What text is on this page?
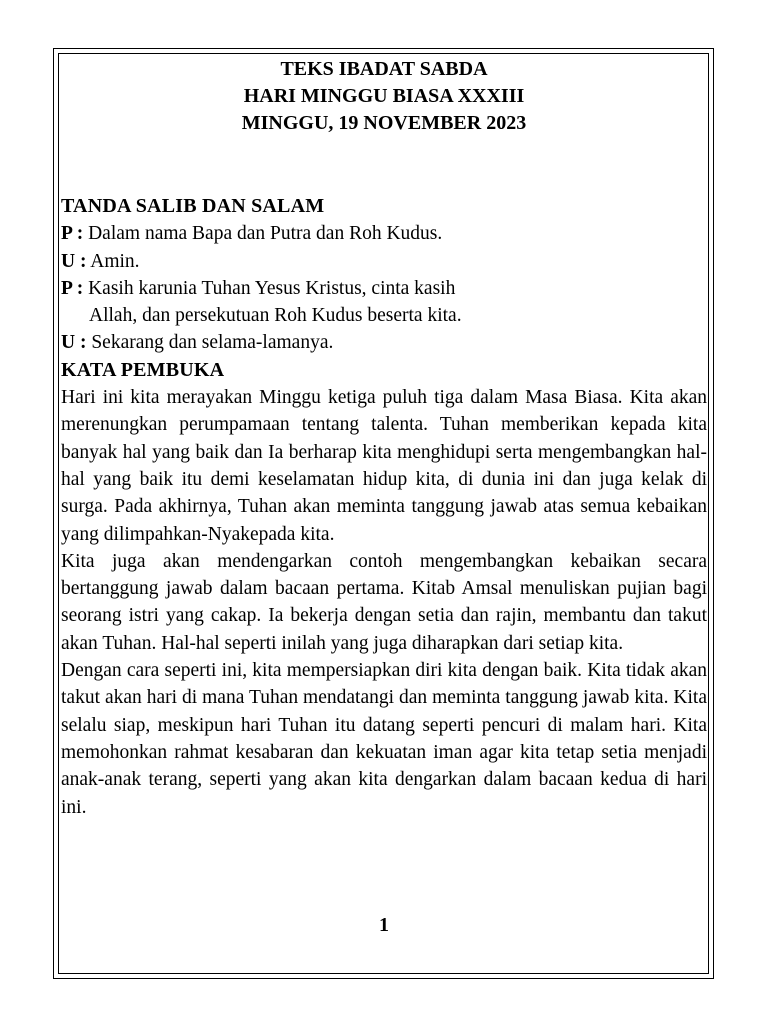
TEKS IBADAT SABDA

HARI MINGGU BIASA XXXIII

MINGGU, 19 NOVEMBER 2023

TANDA SALIB DAN SALAM

P : Dalam nama Bapa dan Putra dan Roh Kudus.

U : Amin.

P : Kasih karunia Tuhan Yesus Kristus, cinta kasih

Allah, dan persekutuan Roh Kudus beserta kita.

U : Sekarang dan selama-lamanya.

KATA PEMBUKA

Hari ini kita merayakan Minggu ketiga puluh tiga dalam Masa Biasa. Kita akan merenungkan perumpamaan tentang talenta. Tuhan memberikan kepada kita banyak hal yang baik dan Ia berharap kita menghidupi serta mengembangkan hal-hal yang baik itu demi keselamatan hidup kita, di dunia ini dan juga kelak di surga. Pada akhirnya, Tuhan akan meminta tanggung jawab atas semua kebaikan yang dilimpahkan-Nyakepada kita.

Kita juga akan mendengarkan contoh mengembangkan kebaikan secara bertanggung jawab dalam bacaan pertama. Kitab Amsal menuliskan pujian bagi seorang istri yang cakap. Ia bekerja dengan setia dan rajin, membantu dan takut akan Tuhan. Hal-hal seperti inilah yang juga diharapkan dari setiap kita.

Dengan cara seperti ini, kita mempersiapkan diri kita dengan baik. Kita tidak akan takut akan hari di mana Tuhan mendatangi dan meminta tanggung jawab kita. Kita selalu siap, meskipun hari Tuhan itu datang seperti pencuri di malam hari. Kita memohonkan rahmat kesabaran dan kekuatan iman agar kita tetap setia menjadi anak-anak terang, seperti yang akan kita dengarkan dalam bacaan kedua di hari ini.

1
